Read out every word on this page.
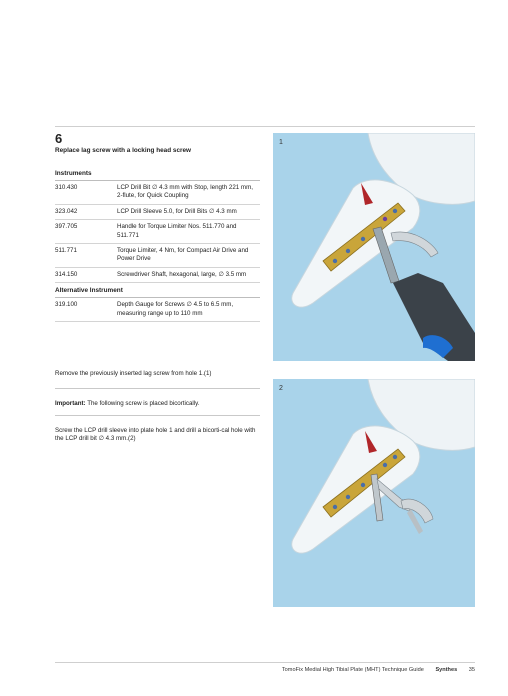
6
Replace lag screw with a locking head screw
Instruments
310.430	LCP Drill Bit ∅ 4.3 mm with Stop, length 221 mm, 2-flute, for Quick Coupling
323.042	LCP Drill Sleeve 5.0, for Drill Bits ∅ 4.3 mm
397.705	Handle for Torque Limiter Nos. 511.770 and 511.771
511.771	Torque Limiter, 4 Nm, for Compact Air Drive and Power Drive
314.150	Screwdriver Shaft, hexagonal, large, ∅ 3.5 mm
Alternative Instrument
319.100	Depth Gauge for Screws ∅ 4.5 to 6.5 mm, measuring range up to 110 mm
Remove the previously inserted lag screw from hole 1.(1)
Important: The following screw is placed bicortically.
Screw the LCP drill sleeve into plate hole 1 and drill a bicorti-cal hole with the LCP drill bit ∅ 4.3 mm.(2)
1
2
TomoFix Medial High Tibial Plate (MHT) Technique Guide Synthes 35
